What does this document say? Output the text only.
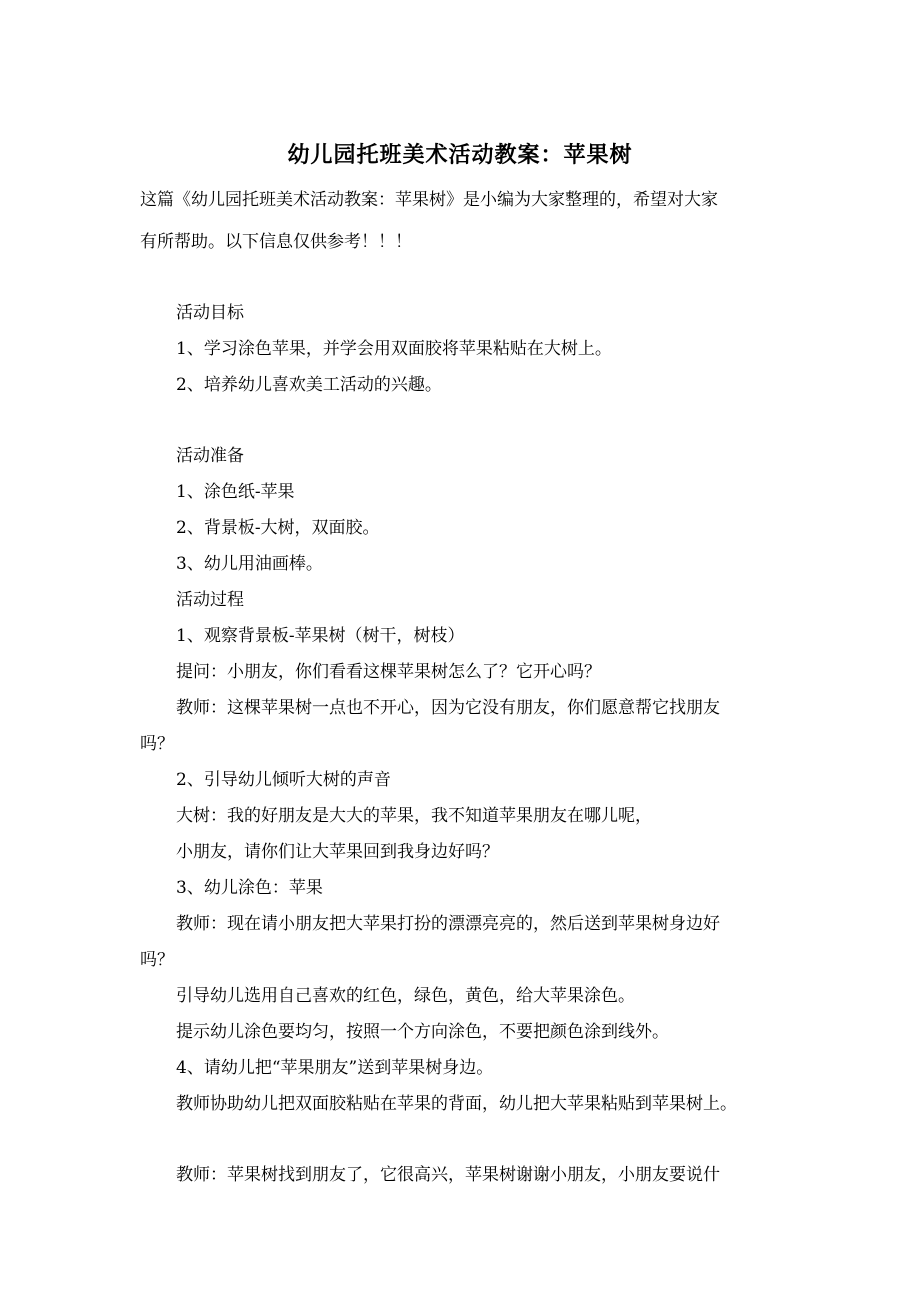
幼儿园托班美术活动教案：苹果树
这篇《幼儿园托班美术活动教案：苹果树》是小编为大家整理的，希望对大家
有所帮助。以下信息仅供参考！！！
活动目标
1、学习涂色苹果，并学会用双面胶将苹果粘贴在大树上。
2、培养幼儿喜欢美工活动的兴趣。
活动准备
1、涂色纸-苹果
2、背景板-大树，双面胶。
3、幼儿用油画棒。
活动过程
1、观察背景板-苹果树（树干，树枝）
提问：小朋友，你们看看这棵苹果树怎么了？它开心吗？
教师：这棵苹果树一点也不开心，因为它没有朋友，你们愿意帮它找朋友
吗？
2、引导幼儿倾听大树的声音
大树：我的好朋友是大大的苹果，我不知道苹果朋友在哪儿呢，
小朋友，请你们让大苹果回到我身边好吗？
3、幼儿涂色：苹果
教师：现在请小朋友把大苹果打扮的漂漂亮亮的，然后送到苹果树身边好
吗？
引导幼儿选用自己喜欢的红色，绿色，黄色，给大苹果涂色。
提示幼儿涂色要均匀，按照一个方向涂色，不要把颜色涂到线外。
4、请幼儿把“苹果朋友”送到苹果树身边。
教师协助幼儿把双面胶粘贴在苹果的背面，幼儿把大苹果粘贴到苹果树上。
教师：苹果树找到朋友了，它很高兴，苹果树谢谢小朋友，小朋友要说什
